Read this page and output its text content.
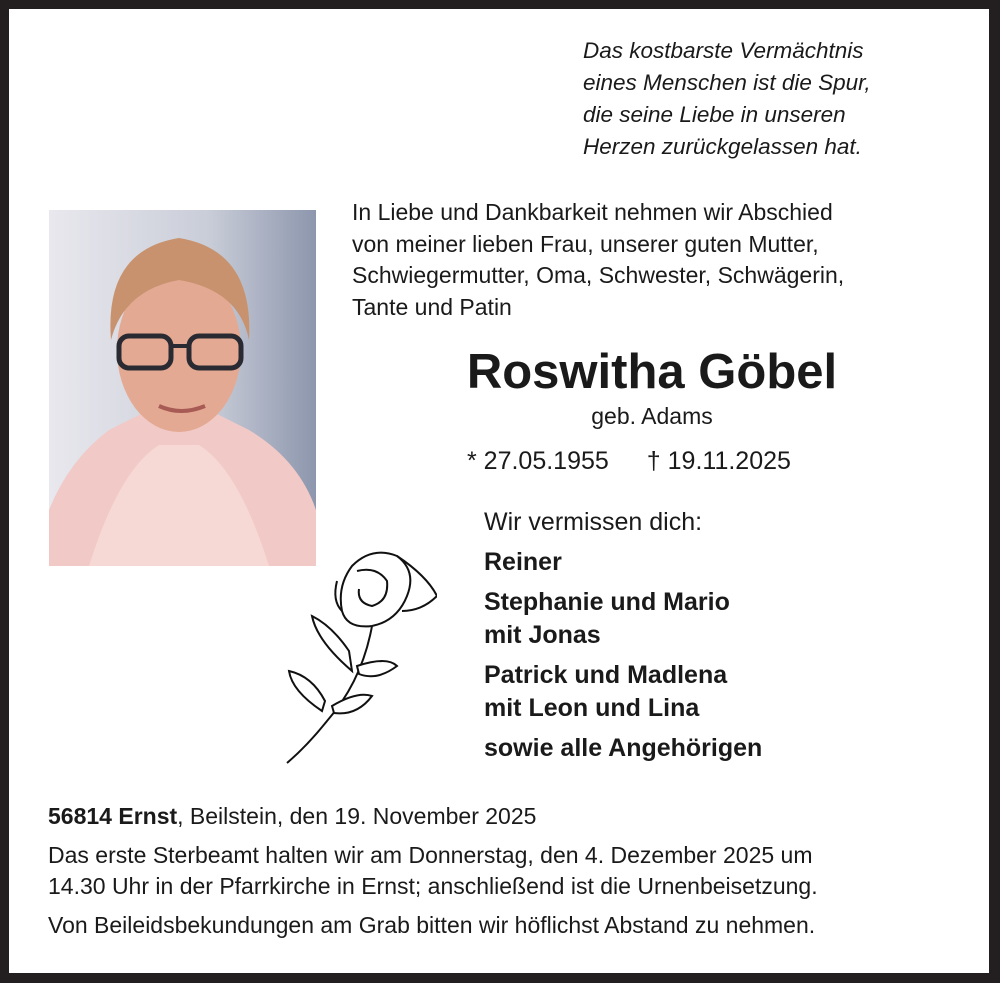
Das kostbarste Vermächtnis
eines Menschen ist die Spur,
die seine Liebe in unseren
Herzen zurückgelassen hat.
In Liebe und Dankbarkeit nehmen wir Abschied
von meiner lieben Frau, unserer guten Mutter,
Schwiegermutter, Oma, Schwester, Schwägerin,
Tante und Patin
Roswitha Göbel
geb. Adams
* 27.05.1955 † 19.11.2025
Wir vermissen dich:
Reiner
Stephanie und Mario
mit Jonas
Patrick und Madlena
mit Leon und Lina
sowie alle Angehörigen

56814 Ernst, Beilstein, den 19. November 2025

Das erste Sterbeamt halten wir am Donnerstag, den 4. Dezember 2025 um
14.30 Uhr in der Pfarrkirche in Ernst; anschließend ist die Urnenbeisetzung.

Von Beileidsbekundungen am Grab bitten wir höflichst Abstand zu nehmen.
